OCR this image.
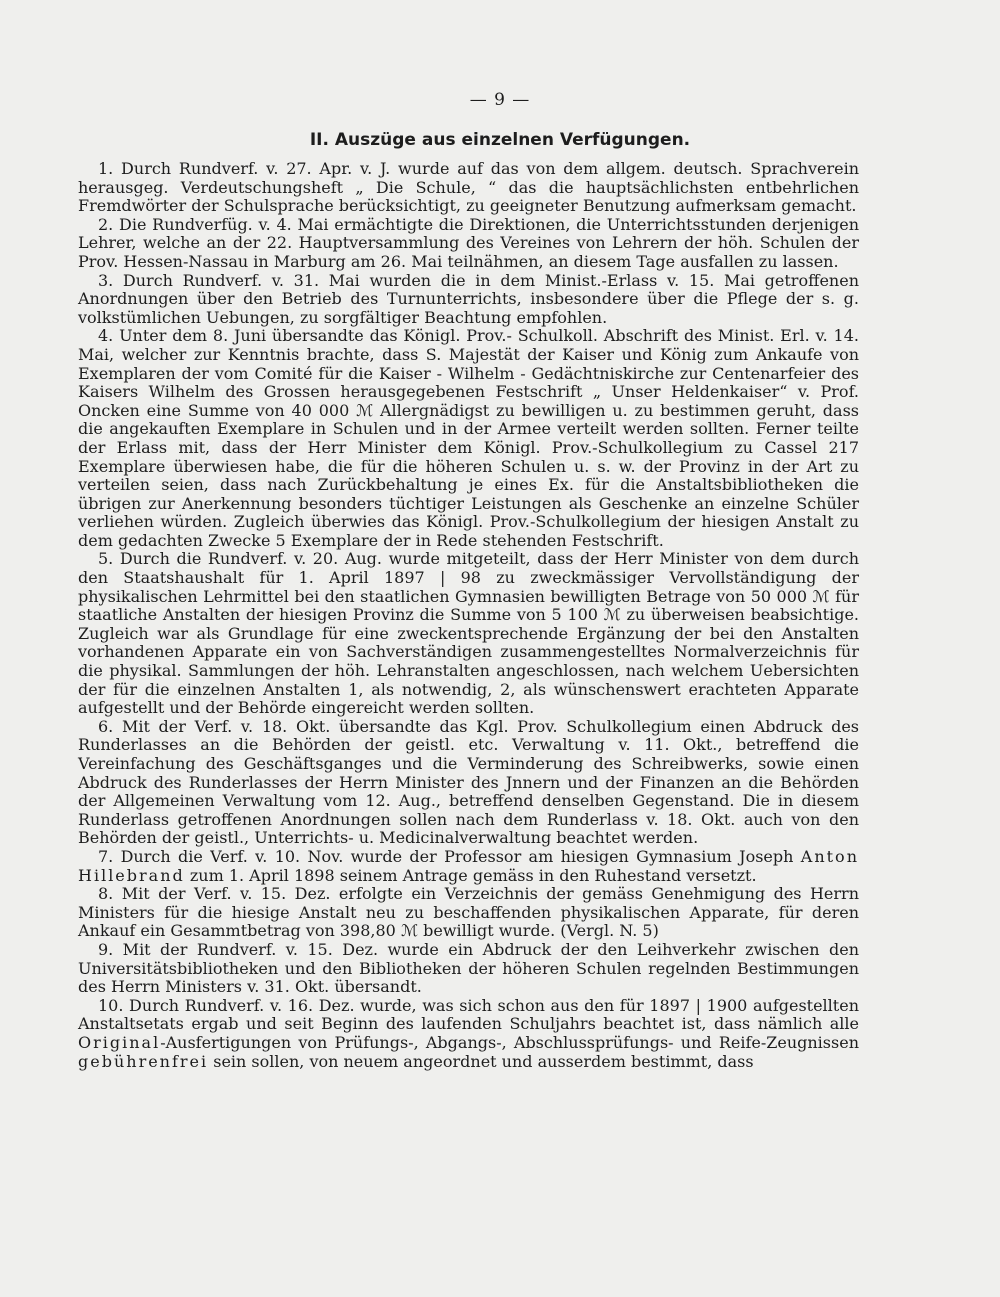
— 9 —
II. Auszüge aus einzelnen Verfügungen.

1. Durch Rundverf. v. 27. Apr. v. J. wurde auf das von dem allgem. deutsch. Sprachverein herausgeg. Verdeutschungsheft „ Die Schule, “ das die hauptsächlichsten entbehrlichen Fremdwörter der Schulsprache berücksichtigt, zu geeigneter Benutzung aufmerksam gemacht.

2. Die Rundverfüg. v. 4. Mai ermächtigte die Direktionen, die Unterrichtsstunden derjenigen Lehrer, welche an der 22. Hauptversammlung des Vereines von Lehrern der höh. Schulen der Prov. Hessen-Nassau in Marburg am 26. Mai teilnähmen, an diesem Tage ausfallen zu lassen.

3. Durch Rundverf. v. 31. Mai wurden die in dem Minist.-Erlass v. 15. Mai getroffenen Anordnungen über den Betrieb des Turnunterrichts, insbesondere über die Pflege der s. g. volkstümlichen Uebungen, zu sorgfältiger Beachtung empfohlen.

4. Unter dem 8. Juni übersandte das Königl. Prov.- Schulkoll. Abschrift des Minist. Erl. v. 14. Mai, welcher zur Kenntnis brachte, dass S. Majestät der Kaiser und König zum Ankaufe von Exemplaren der vom Comité für die Kaiser - Wilhelm - Gedächtniskirche zur Centenarfeier des Kaisers Wilhelm des Grossen herausgegebenen Festschrift „ Unser Heldenkaiser“ v. Prof. Oncken eine Summe von 40 000 ℳ Allergnädigst zu bewilligen u. zu bestimmen geruht, dass die angekauften Exemplare in Schulen und in der Armee verteilt werden sollten. Ferner teilte der Erlass mit, dass der Herr Minister dem Königl. Prov.-Schulkollegium zu Cassel 217 Exemplare überwiesen habe, die für die höheren Schulen u. s. w. der Provinz in der Art zu verteilen seien, dass nach Zurückbehaltung je eines Ex. für die Anstaltsbibliotheken die übrigen zur Anerkennung besonders tüchtiger Leistungen als Geschenke an einzelne Schüler verliehen würden. Zugleich überwies das Königl. Prov.-Schulkollegium der hiesigen Anstalt zu dem gedachten Zwecke 5 Exemplare der in Rede stehenden Festschrift.

5. Durch die Rundverf. v. 20. Aug. wurde mitgeteilt, dass der Herr Minister von dem durch den Staatshaushalt für 1. April 1897 | 98 zu zweckmässiger Vervollständigung der physikalischen Lehrmittel bei den staatlichen Gymnasien bewilligten Betrage von 50 000 ℳ für staatliche Anstalten der hiesigen Provinz die Summe von 5 100 ℳ zu überweisen beabsichtige. Zugleich war als Grundlage für eine zweckentsprechende Ergänzung der bei den Anstalten vorhandenen Apparate ein von Sachverständigen zusammengestelltes Normalverzeichnis für die physikal. Sammlungen der höh. Lehranstalten angeschlossen, nach welchem Uebersichten der für die einzelnen Anstalten 1, als notwendig, 2, als wünschenswert erachteten Apparate aufgestellt und der Behörde eingereicht werden sollten.

6. Mit der Verf. v. 18. Okt. übersandte das Kgl. Prov. Schulkollegium einen Abdruck des Runderlasses an die Behörden der geistl. etc. Verwaltung v. 11. Okt., betreffend die Vereinfachung des Geschäftsganges und die Verminderung des Schreibwerks, sowie einen Abdruck des Runderlasses der Herrn Minister des Jnnern und der Finanzen an die Behörden der Allgemeinen Verwaltung vom 12. Aug., betreffend denselben Gegenstand. Die in diesem Runderlass getroffenen Anordnungen sollen nach dem Runderlass v. 18. Okt. auch von den Behörden der geistl., Unterrichts- u. Medicinalverwaltung beachtet werden.

7. Durch die Verf. v. 10. Nov. wurde der Professor am hiesigen Gymnasium Joseph Anton Hillebrand zum 1. April 1898 seinem Antrage gemäss in den Ruhestand versetzt.

8. Mit der Verf. v. 15. Dez. erfolgte ein Verzeichnis der gemäss Genehmigung des Herrn Ministers für die hiesige Anstalt neu zu beschaffenden physikalischen Apparate, für deren Ankauf ein Gesammtbetrag von 398,80 ℳ bewilligt wurde. (Vergl. N. 5)

9. Mit der Rundverf. v. 15. Dez. wurde ein Abdruck der den Leihverkehr zwischen den Universitätsbibliotheken und den Bibliotheken der höheren Schulen regelnden Bestimmungen des Herrn Ministers v. 31. Okt. übersandt.

10. Durch Rundverf. v. 16. Dez. wurde, was sich schon aus den für 1897 | 1900 aufgestellten Anstaltsetats ergab und seit Beginn des laufenden Schuljahrs beachtet ist, dass nämlich alle Original-Ausfertigungen von Prüfungs-, Abgangs-, Abschlussprüfungs- und Reife-Zeugnissen gebührenfrei sein sollen, von neuem angeordnet und ausserdem bestimmt, dass
